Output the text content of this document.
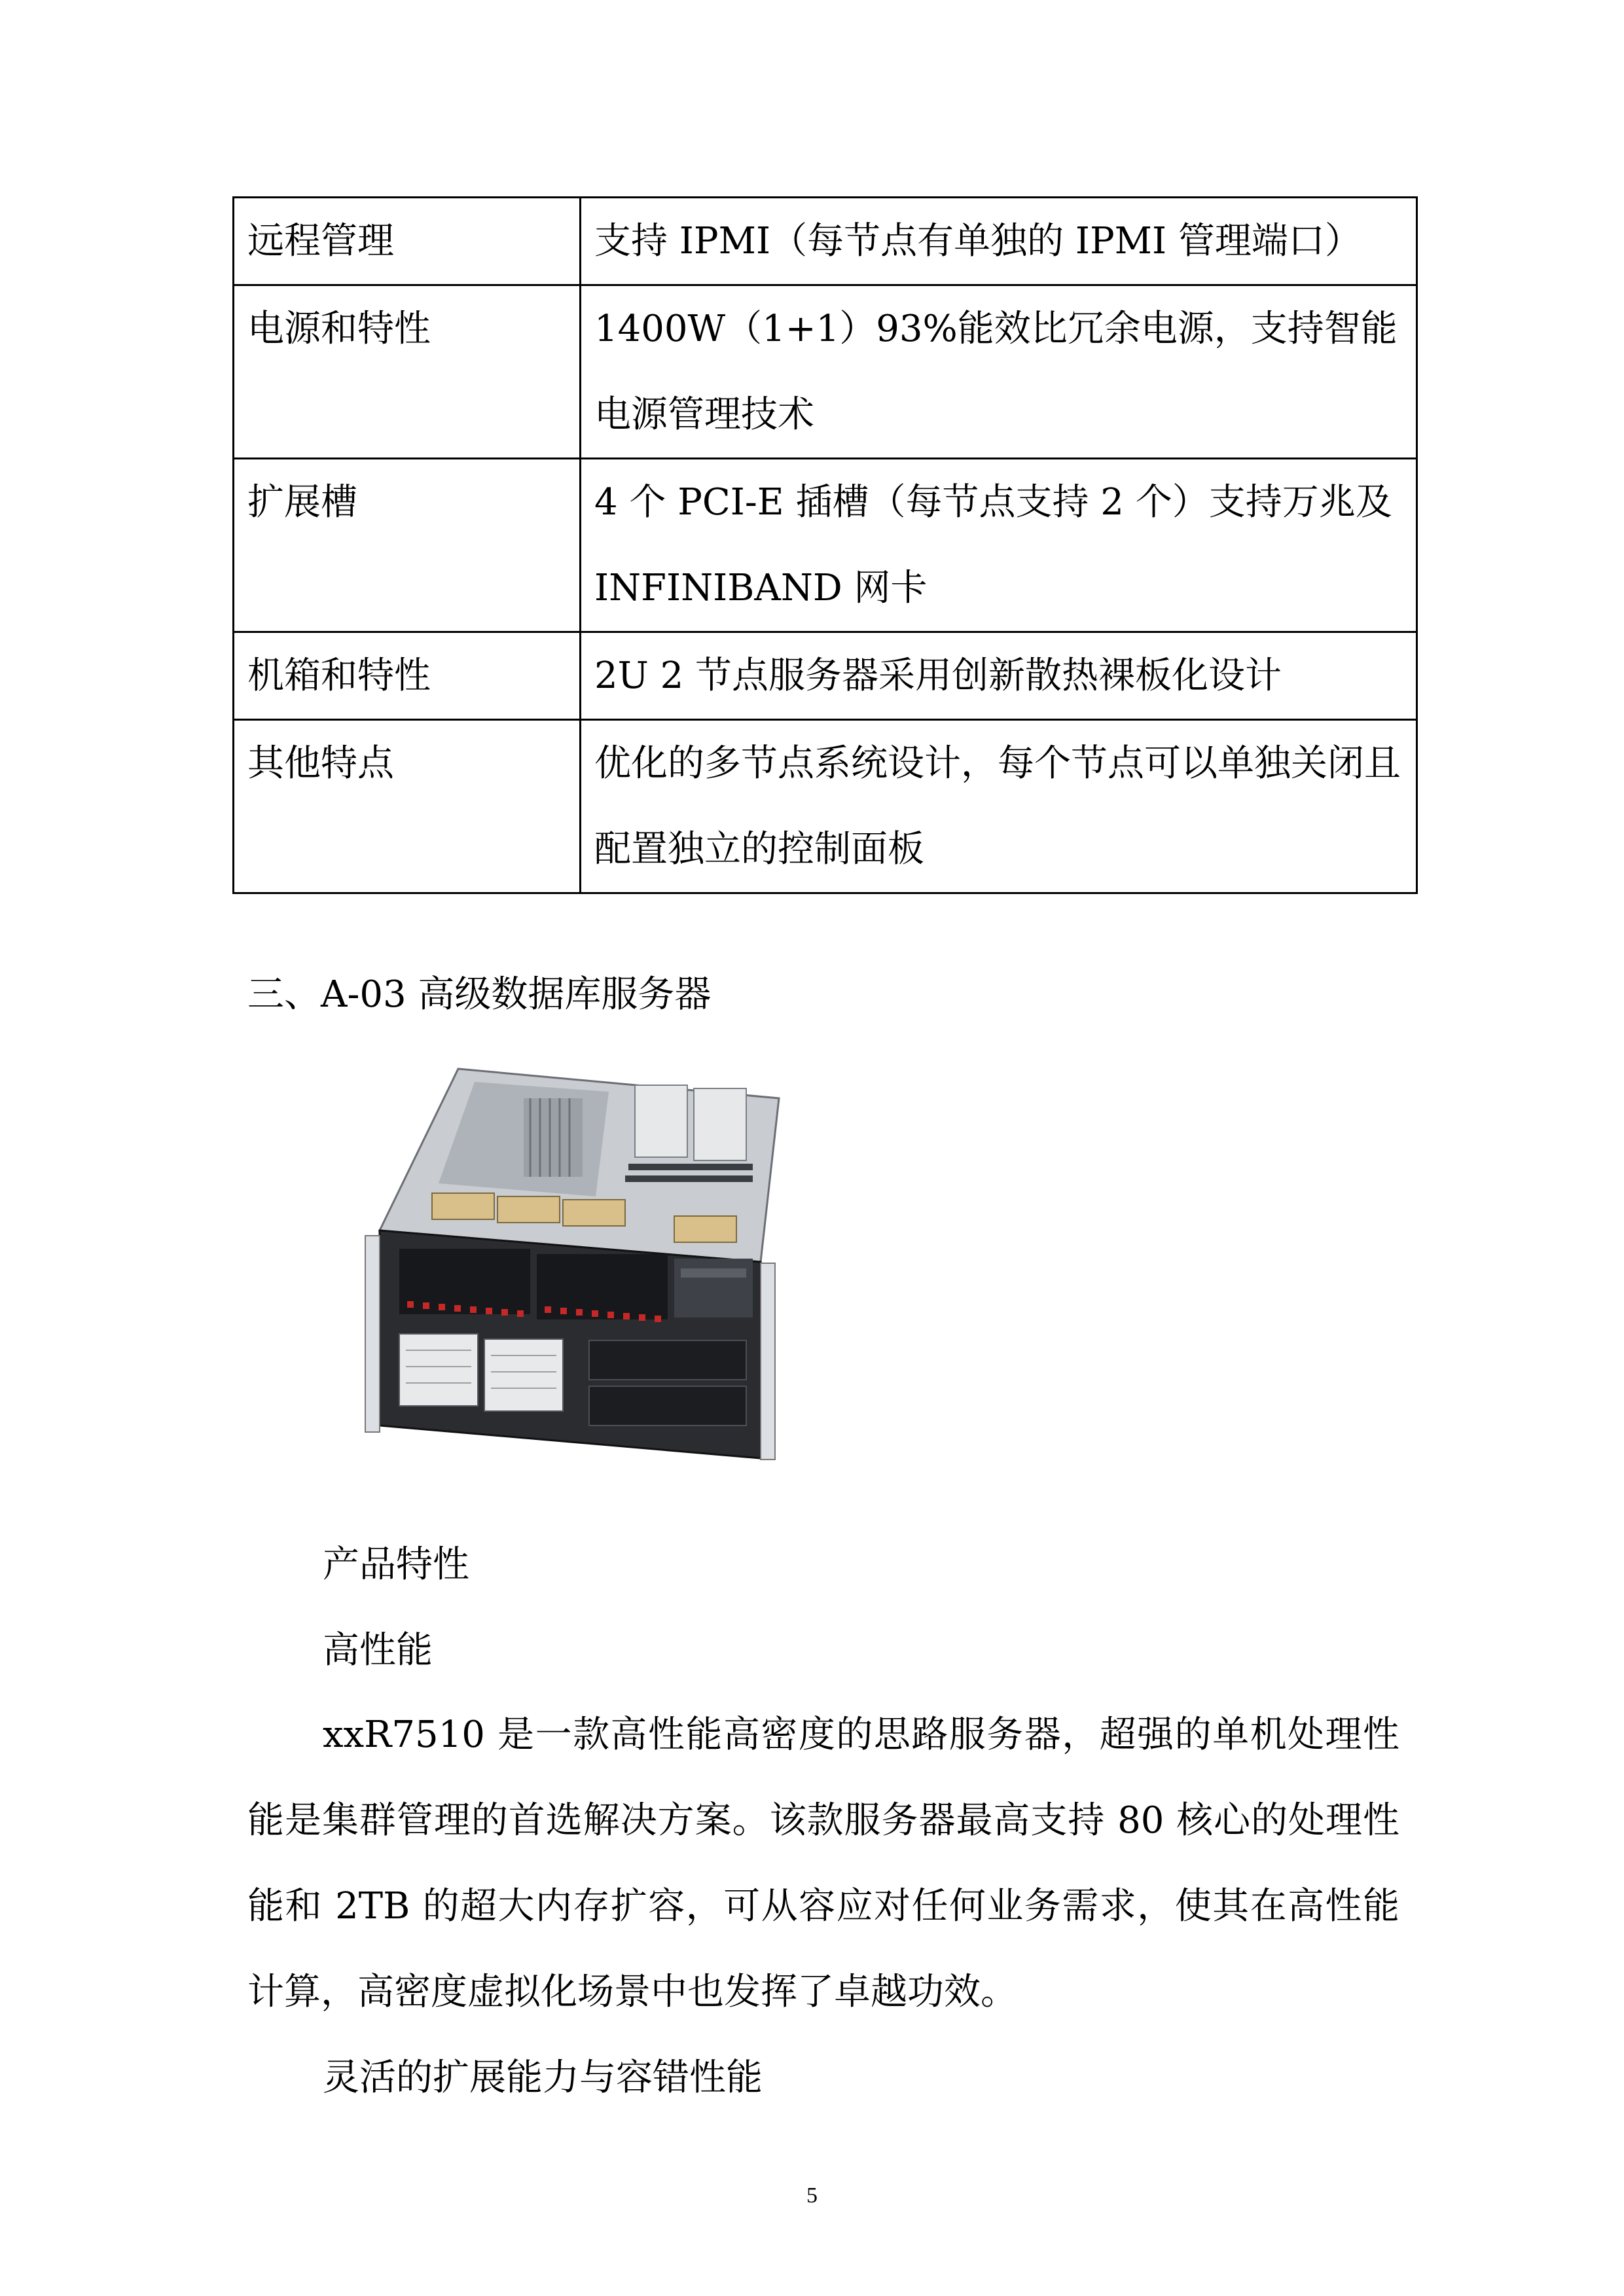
远程管理	支持 IPMI（每节点有单独的 IPMI 管理端口）
电源和特性	1400W（1+1）93%能效比冗余电源，支持智能电源管理技术
扩展槽	4 个 PCI-E 插槽（每节点支持 2 个）支持万兆及 INFINIBAND 网卡
机箱和特性	2U 2 节点服务器采用创新散热裸板化设计
其他特点	优化的多节点系统设计，每个节点可以单独关闭且配置独立的控制面板
三、A-03 高级数据库服务器
产品特性
高性能
xxR7510 是一款高性能高密度的思路服务器，超强的单机处理性能是集群管理的首选解决方案。该款服务器最高支持 80 核心的处理性能和 2TB 的超大内存扩容，可从容应对任何业务需求，使其在高性能计算，高密度虚拟化场景中也发挥了卓越功效。
灵活的扩展能力与容错性能
5
